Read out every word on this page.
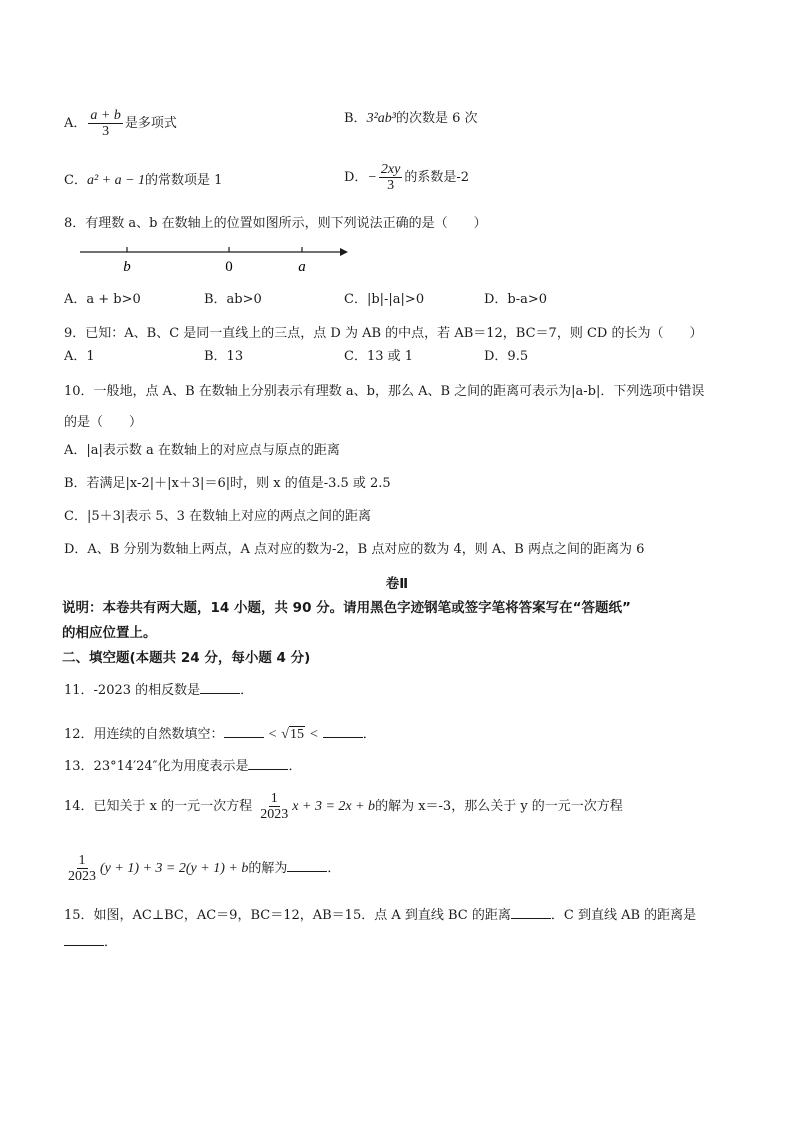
A． $\frac{a + b}{3}$ 是多项式	B．3²ab³的次数是 6 次
C．a² + a − 1的常数项是 1	D．− $\frac{2xy}{3}$ 的系数是-2
8．有理数 a、b 在数轴上的位置如图所示，则下列说法正确的是（　　）
b	0	a
A．a + b>0	B．ab>0	C．|b|-|a|>0	D．b-a>0
9．已知：A、B、C 是同一直线上的三点，点 D 为 AB 的中点，若 AB＝12，BC＝7，则 CD 的长为（　　）
A．1	B．13	C．13 或 1	D．9.5
10．一般地，点 A、B 在数轴上分别表示有理数 a、b，那么 A、B 之间的距离可表示为|a-b|．下列选项中错误
的是（　　）
A．|a|表示数 a 在数轴上的对应点与原点的距离
B．若满足|x-2|＋|x＋3|＝6|时，则 x 的值是-3.5 或 2.5
C．|5＋3|表示 5、3 在数轴上对应的两点之间的距离
D．A、B 分别为数轴上两点，A 点对应的数为-2，B 点对应的数为 4，则 A、B 两点之间的距离为 6
卷Ⅱ
说明：本卷共有两大题，14 小题，共 90 分。请用黑色字迹钢笔或签字笔将答案写在“答题纸”
的相应位置上。
二、填空题(本题共 24 分，每小题 4 分)
11．-2023 的相反数是	．
12．用连续的自然数填空：	< √15 <	．
13．23°14′24″化为用度表示是	．
14．已知关于 x 的一元一次方程 $\frac{1}{2023}$ x + 3 = 2x + b的解为 x＝-3，那么关于 y 的一元一次方程
$\frac{1}{2023} (y + 1) + 3 = 2(y + 1) + b$的解为	．
15．如图，AC⊥BC，AC＝9，BC＝12，AB＝15．点 A 到直线 BC 的距离	．C 到直线 AB 的距离是
．
